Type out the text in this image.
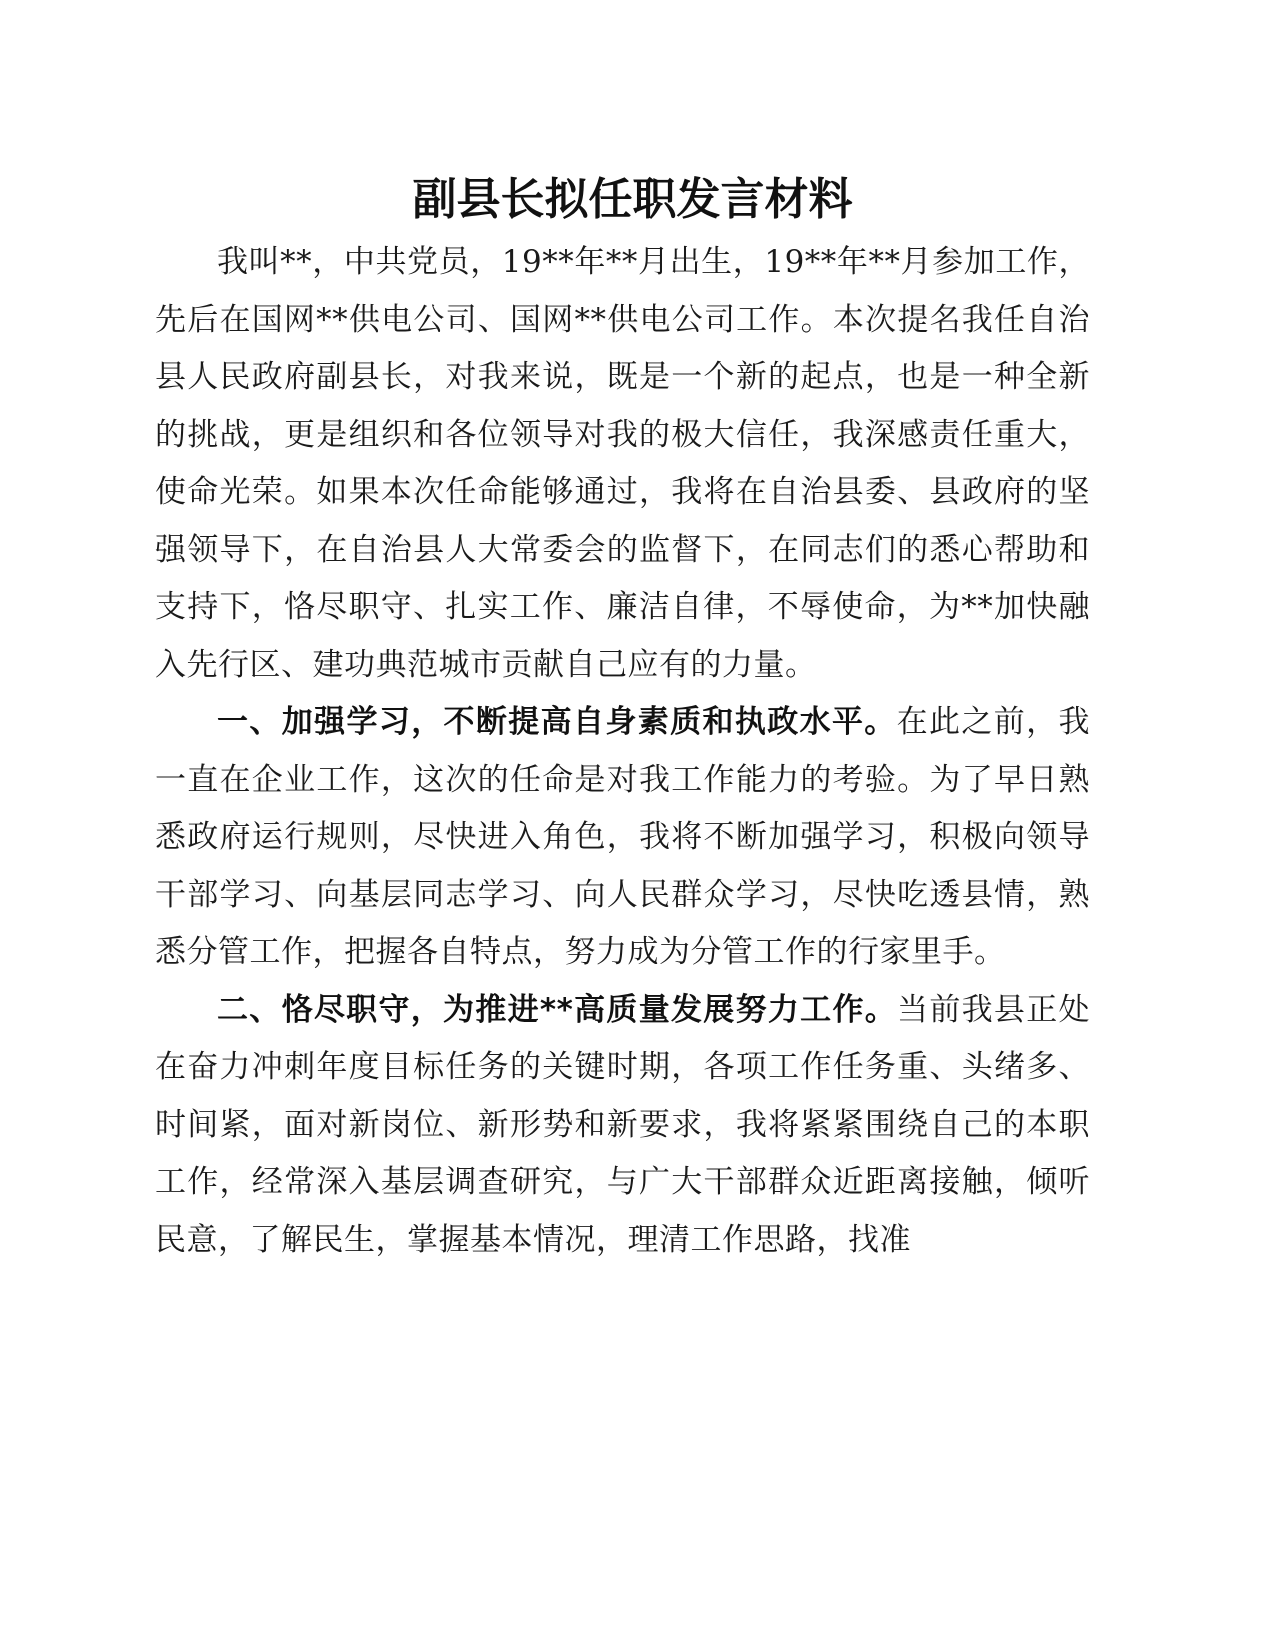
副县长拟任职发言材料

我叫**，中共党员，19**年**月出生，19**年**月参加工作，先后在国网**供电公司、国网**供电公司工作。本次提名我任自治县人民政府副县长，对我来说，既是一个新的起点，也是一种全新的挑战，更是组织和各位领导对我的极大信任，我深感责任重大，使命光荣。如果本次任命能够通过，我将在自治县委、县政府的坚强领导下，在自治县人大常委会的监督下，在同志们的悉心帮助和支持下，恪尽职守、扎实工作、廉洁自律，不辱使命，为**加快融入先行区、建功典范城市贡献自己应有的力量。

一、加强学习，不断提高自身素质和执政水平。在此之前，我一直在企业工作，这次的任命是对我工作能力的考验。为了早日熟悉政府运行规则，尽快进入角色，我将不断加强学习，积极向领导干部学习、向基层同志学习、向人民群众学习，尽快吃透县情，熟悉分管工作，把握各自特点，努力成为分管工作的行家里手。

二、恪尽职守，为推进**高质量发展努力工作。当前我县正处在奋力冲刺年度目标任务的关键时期，各项工作任务重、头绪多、时间紧，面对新岗位、新形势和新要求，我将紧紧围绕自己的本职工作，经常深入基层调查研究，与广大干部群众近距离接触，倾听民意，了解民生，掌握基本情况，理清工作思路，找准
